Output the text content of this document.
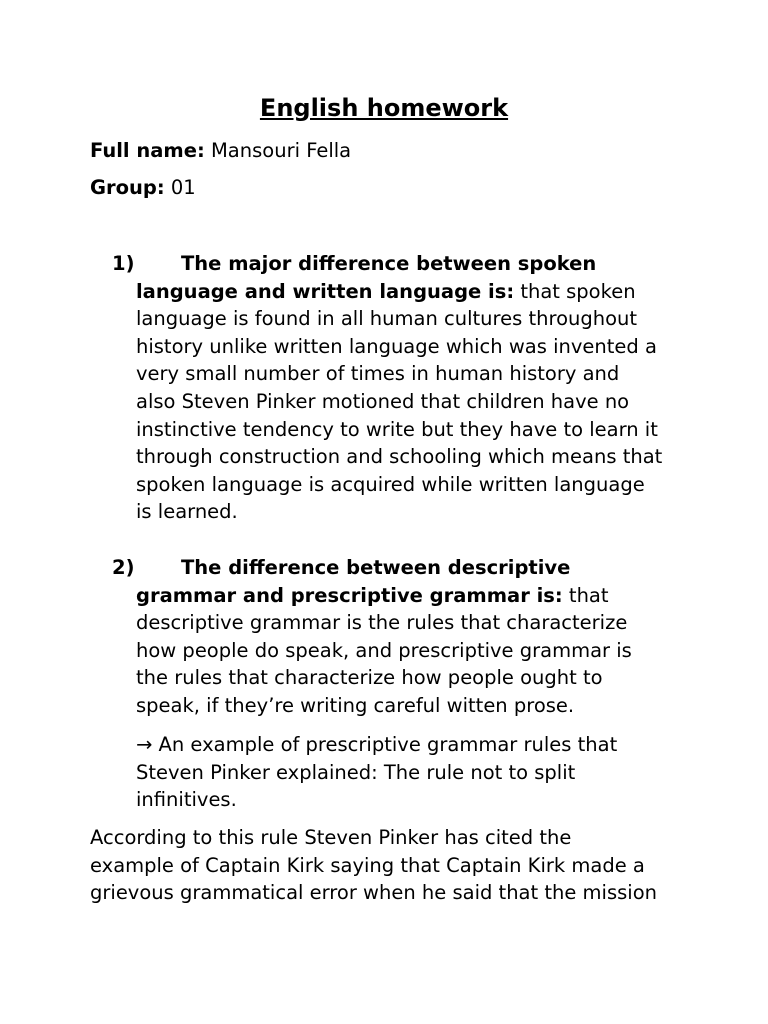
English homework
Full name: Mansouri Fella
Group: 01
1)	The major difference between spoken
language and written language is: that spoken
language is found in all human cultures throughout
history unlike written language which was invented a
very small number of times in human history and
also Steven Pinker motioned that children have no
instinctive tendency to write but they have to learn it
through construction and schooling which means that
spoken language is acquired while written language
is learned.
2)	The difference between descriptive
grammar and prescriptive grammar is: that
descriptive grammar is the rules that characterize
how people do speak, and prescriptive grammar is
the rules that characterize how people ought to
speak, if they’re writing careful witten prose.
→ An example of prescriptive grammar rules that
Steven Pinker explained: The rule not to split
infinitives.
According to this rule Steven Pinker has cited the
example of Captain Kirk saying that Captain Kirk made a
grievous grammatical error when he said that the mission
